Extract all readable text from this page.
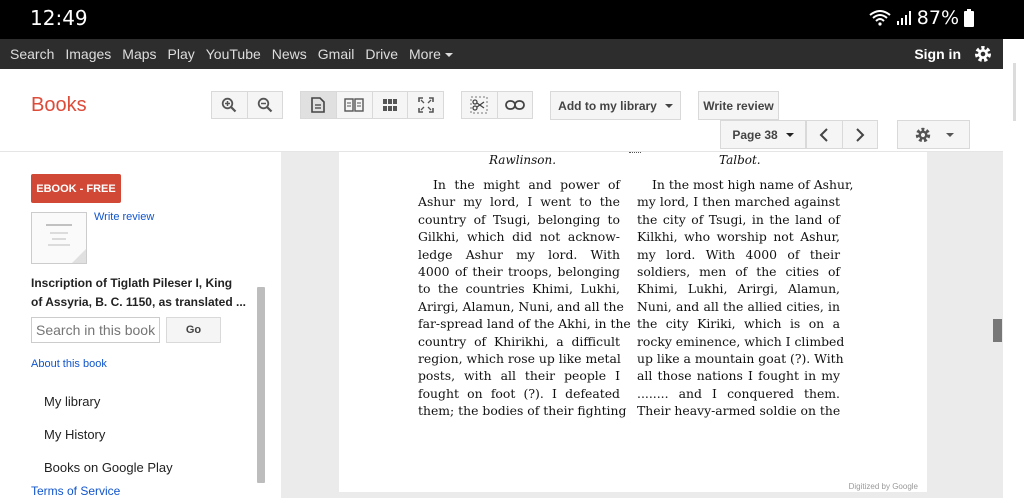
12:49	87%
Search Images Maps Play YouTube News Gmail Drive More	Sign in
Books	Add to my library	Write review
Page 38
EBOOK - FREE
Write review
Inscription of Tiglath Pileser I, King of Assyria, B. C. 1150, as translated ...
Search in this book
Go
About this book
My library
My History
Books on Google Play
Terms of Service
Rawlinson.	Talbot.
In the might and power of
Ashur my lord, I went to the
country of Tsugi, belonging to
Gilkhi, which did not acknow-
ledge Ashur my lord. With
4000 of their troops, belonging
to the countries Khimi, Lukhi,
Arirgi, Alamun, Nuni, and all the
far-spread land of the Akhi, in the
country of Khirikhi, a difficult
region, which rose up like metal
posts, with all their people I
fought on foot (?). I defeated
them; the bodies of their fighting
In the most high name of Ashur,
my lord, I then marched against
the city of Tsugi, in the land of
Kilkhi, who worship not Ashur,
my lord. With 4000 of their
soldiers, men of the cities of
Khimi, Lukhi, Arirgi, Alamun,
Nuni, and all the allied cities, in
the city Kiriki, which is on a
rocky eminence, which I climbed
up like a mountain goat (?). With
all those nations I fought in my
........ and I conquered them.
Their heavy-armed soldie on the
Digitized by Google
